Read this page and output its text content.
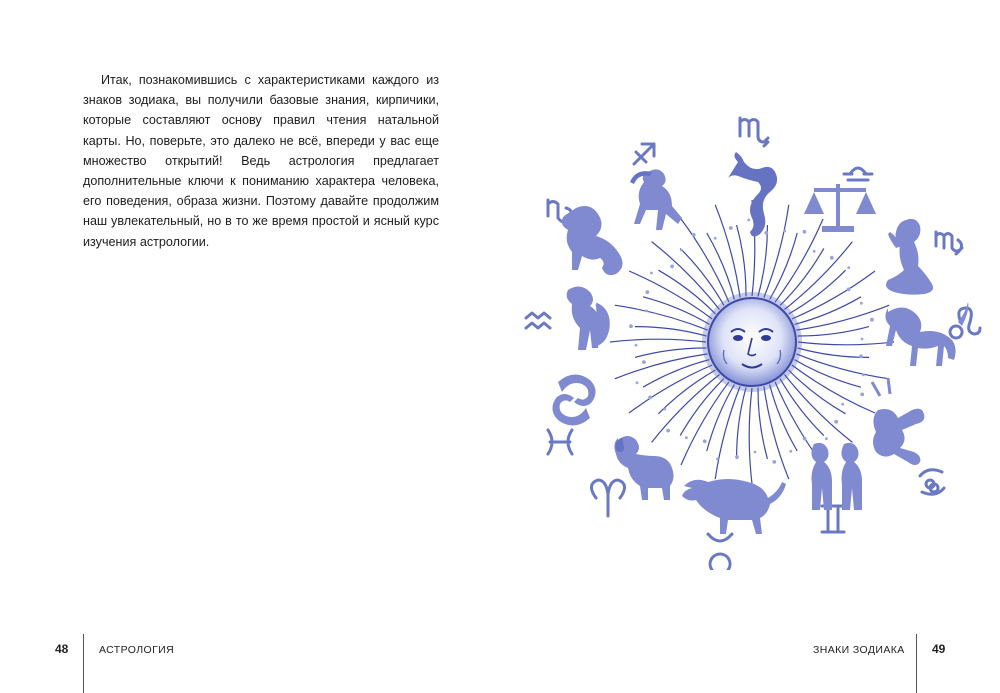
Итак, познакомившись с характеристиками каждого из знаков зодиака, вы получили базовые знания, кирпичики, которые составляют основу правил чтения натальной карты. Но, поверьте, это далеко не всё, впереди у вас еще множество открытий! Ведь астрология предлагает дополнительные ключи к пониманию характера человека, его поведения, образа жизни. Поэтому давайте продолжим наш увлекательный, но в то же время простой и ясный курс изучения астрологии.

48	АСТРОЛОГИЯ	ЗНАКИ ЗОДИАКА 49
